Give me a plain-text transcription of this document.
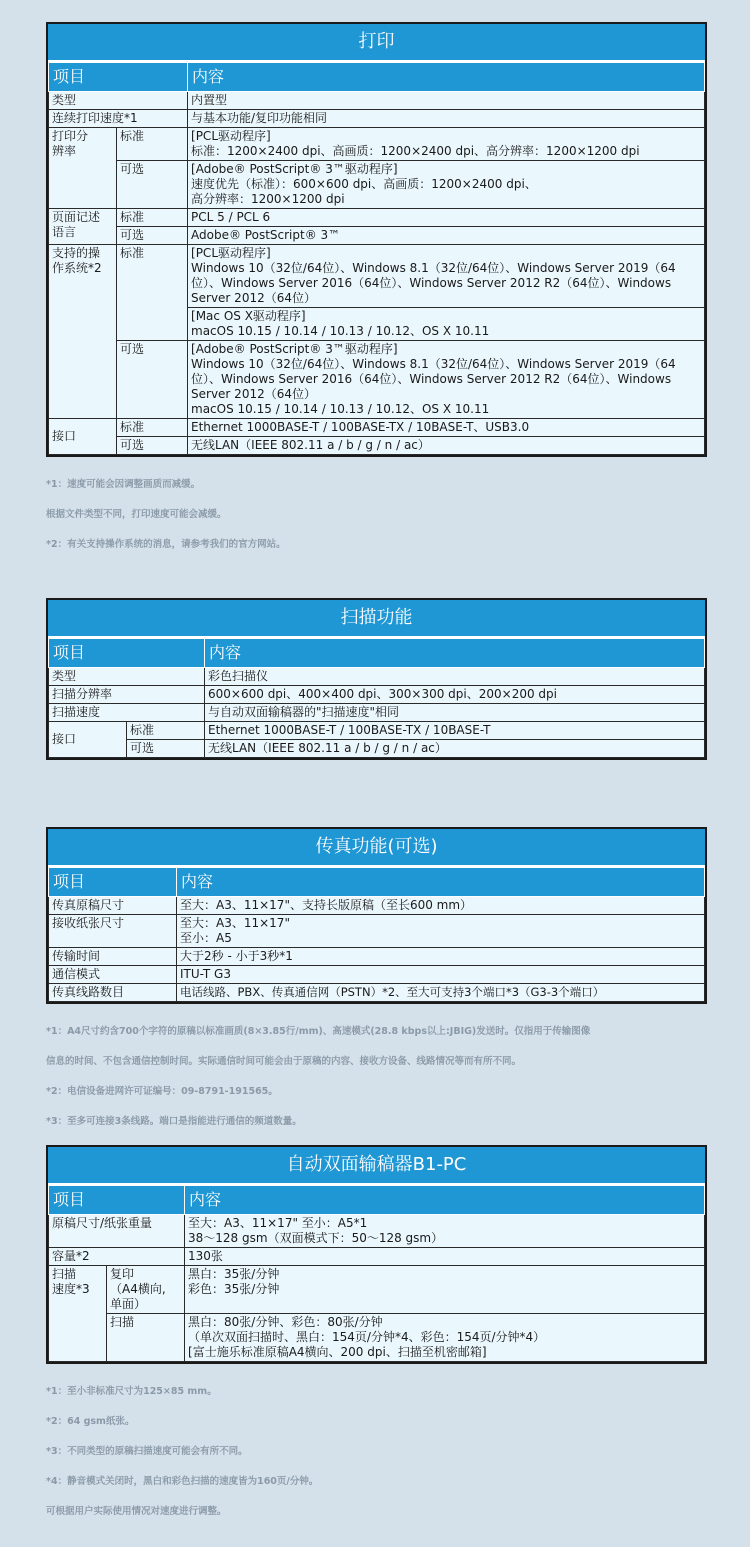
打印
项目		内容
类型		内置型
连续打印速度*1		与基本功能/复印功能相同
打印分
辨率	标准	[PCL驱动程序]
标准：1200×2400 dpi、高画质：1200×2400 dpi、高分辨率：1200×1200 dpi
	可选	[Adobe® PostScript® 3™驱动程序]
速度优先（标准）：600×600 dpi、高画质：1200×2400 dpi、
高分辨率：1200×1200 dpi
页面记述
语言	标准	PCL 5 / PCL 6
	可选	Adobe® PostScript® 3™
支持的操
作系统*2	标准	[PCL驱动程序]
Windows 10（32位/64位）、Windows 8.1（32位/64位）、Windows Server 2019（64位）、Windows Server 2016（64位）、Windows Server 2012 R2（64位）、Windows Server 2012（64位）
		[Mac OS X驱动程序]
macOS 10.15 / 10.14 / 10.13 / 10.12、OS X 10.11
	可选	[Adobe® PostScript® 3™驱动程序]
Windows 10（32位/64位）、Windows 8.1（32位/64位）、Windows Server 2019（64位）、Windows Server 2016（64位）、Windows Server 2012 R2（64位）、Windows Server 2012（64位）
macOS 10.15 / 10.14 / 10.13 / 10.12、OS X 10.11
接口	标准	Ethernet 1000BASE-T / 100BASE-TX / 10BASE-T、USB3.0
	可选	无线LAN（IEEE 802.11 a / b / g / n / ac）

*1：速度可能会因调整画质而减缓。

根据文件类型不同，打印速度可能会减缓。

*2：有关支持操作系统的消息，请参考我们的官方网站。

扫描功能
项目		内容
类型		彩色扫描仪
扫描分辨率		600×600 dpi、400×400 dpi、300×300 dpi、200×200 dpi
扫描速度		与自动双面输稿器的"扫描速度"相同
接口	标准	Ethernet 1000BASE-T / 100BASE-TX / 10BASE-T
	可选	无线LAN（IEEE 802.11 a / b / g / n / ac）
传真功能(可选)
项目	内容
传真原稿尺寸	至大：A3、11×17"、支持长版原稿（至长600 mm）
接收纸张尺寸	至大：A3、11×17"
至小：A5
传输时间	大于2秒 - 小于3秒*1
通信模式	ITU-T G3
传真线路数目	电话线路、PBX、传真通信网（PSTN）*2、至大可支持3个端口*3（G3-3个端口）

*1：A4尺寸约含700个字符的原稿以标准画质(8×3.85行/mm)、高速模式(28.8 kbps以上:JBIG)发送时。仅指用于传输图像

信息的时间、不包含通信控制时间。实际通信时间可能会由于原稿的内容、接收方设备、线路情况等而有所不同。

*2：电信设备进网许可证编号：09-8791-191565。

*3：至多可连接3条线路。端口是指能进行通信的频道数量。

自动双面输稿器B1-PC
项目		内容
原稿尺寸/纸张重量		至大：A3、11×17" 至小：A5*1
38～128 gsm（双面模式下：50～128 gsm）
容量*2		130张
扫描
速度*3	复印
（A4横向,
单面）	黑白：35张/分钟
彩色：35张/分钟
	扫描	黑白：80张/分钟、彩色：80张/分钟
（单次双面扫描时、黑白：154页/分钟*4、彩色：154页/分钟*4）
[富士施乐标准原稿A4横向、200 dpi、扫描至机密邮箱]

*1：至小非标准尺寸为125×85 mm。

*2：64 gsm纸张。

*3：不同类型的原稿扫描速度可能会有所不同。

*4：静音模式关闭时，黑白和彩色扫描的速度皆为160页/分钟。

可根据用户实际使用情况对速度进行调整。
